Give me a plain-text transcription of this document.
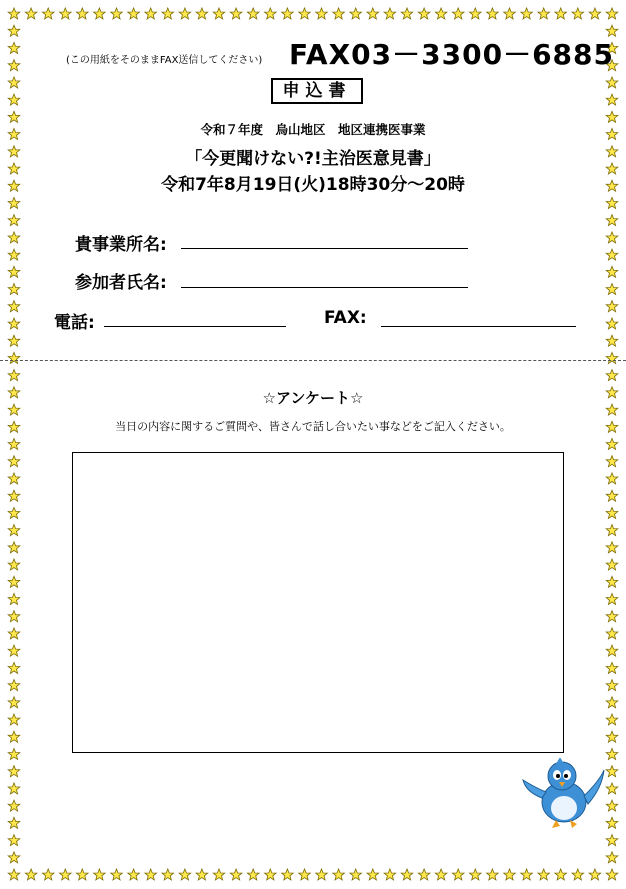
(この用紙をそのままFAX送信してください) FAX03－3300－6885
申込書
令和７年度　烏山地区　地区連携医事業
「今更聞けない?!主治医意見書」
令和7年8月19日(火)18時30分～20時
貴事業所名:
参加者氏名:
電話:	FAX:
☆アンケート☆
当日の内容に関するご質問や、皆さんで話し合いたい事などをご記入ください。
